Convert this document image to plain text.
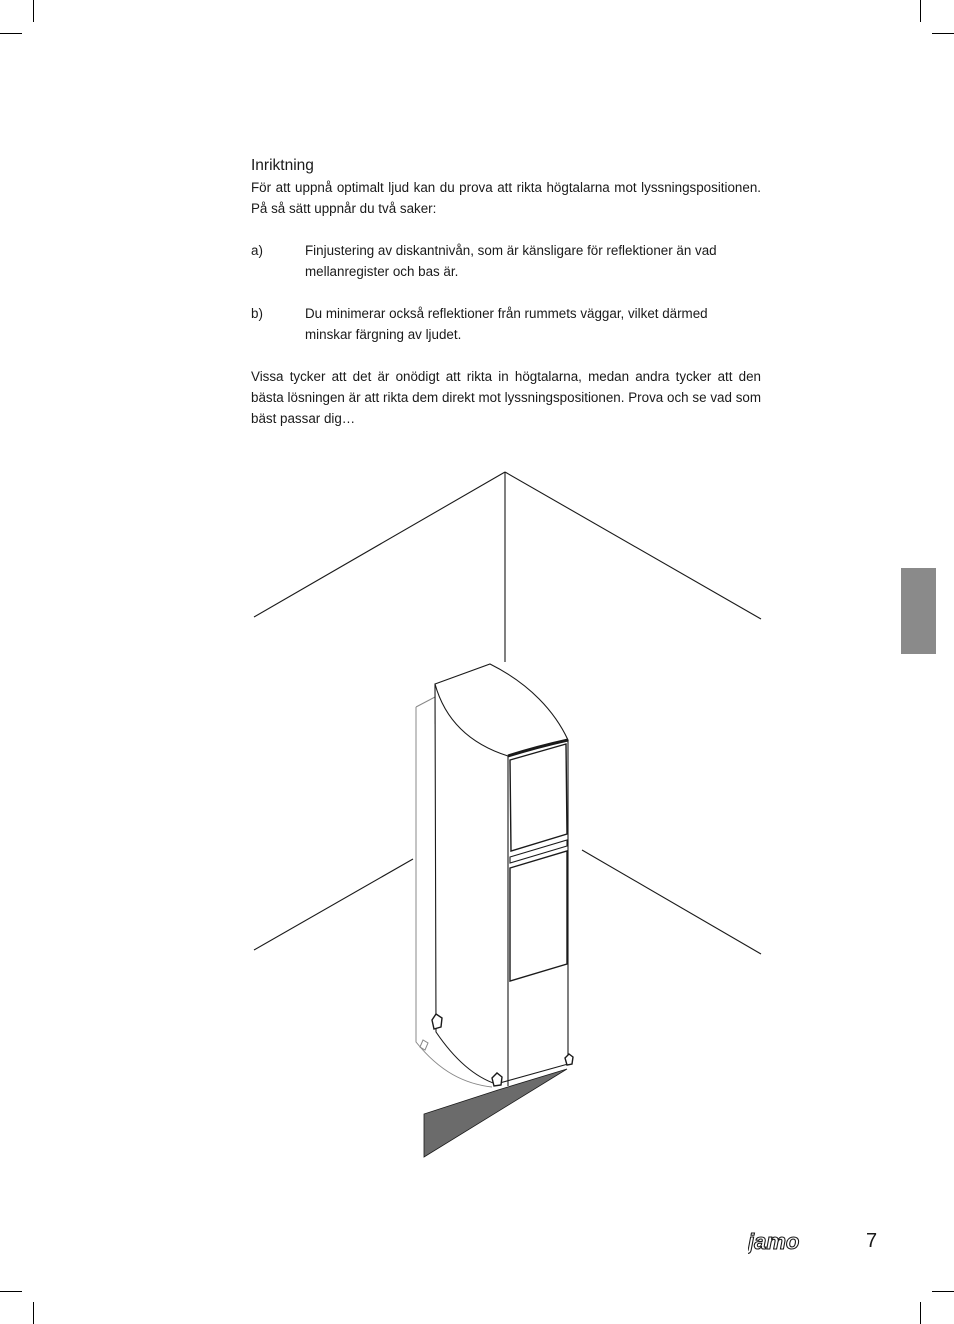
Inriktning

För att uppnå optimalt ljud kan du prova att rikta högtalarna mot lyssningspositionen. På så sätt uppnår du två saker:

a)	Finjustering av diskantnivån, som är känsligare för reflektioner än vad mellanregister och bas är.
b)	Du minimerar också reflektioner från rummets väggar, vilket därmed minskar färgning av ljudet.

Vissa tycker att det är onödigt att rikta in högtalarna, medan andra tycker att den bästa lösningen är att rikta dem direkt mot lyssningspositionen. Prova och se vad som bäst passar dig…

jamo	7
